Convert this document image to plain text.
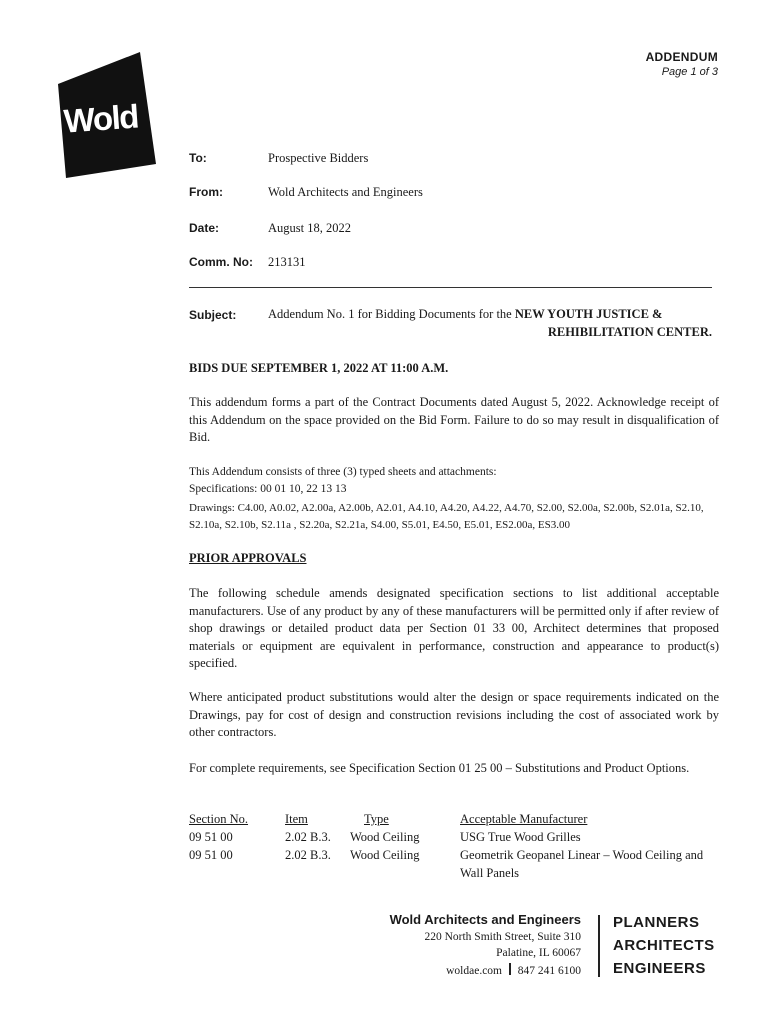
ADDENDUM
Page 1 of 3
Wold
To:	Prospective Bidders
From:	Wold Architects and Engineers
Date:	August 18, 2022
Comm. No: 213131
Subject:	Addendum No. 1 for Bidding Documents for the NEW YOUTH JUSTICE &
REHIBILITATION CENTER.
BIDS DUE SEPTEMBER 1, 2022 AT 11:00 A.M.
This addendum forms a part of the Contract Documents dated August 5, 2022. Acknowledge receipt of this Addendum on the space provided on the Bid Form. Failure to do so may result in disqualification of Bid.
This Addendum consists of three (3) typed sheets and attachments:
Specifications: 00 01 10, 22 13 13
Drawings: C4.00, A0.02, A2.00a, A2.00b, A2.01, A4.10, A4.20, A4.22, A4.70, S2.00, S2.00a, S2.00b, S2.01a, S2.10, S2.10a, S2.10b, S2.11a , S2.20a, S2.21a, S4.00, S5.01, E4.50, E5.01, ES2.00a, ES3.00
PRIOR APPROVALS
The following schedule amends designated specification sections to list additional acceptable manufacturers. Use of any product by any of these manufacturers will be permitted only if after review of shop drawings or detailed product data per Section 01 33 00, Architect determines that proposed materials or equipment are equivalent in performance, construction and appearance to product(s) specified.
Where anticipated product substitutions would alter the design or space requirements indicated on the Drawings, pay for cost of design and construction revisions including the cost of associated work by other contractors.
For complete requirements, see Specification Section 01 25 00 – Substitutions and Product Options.
Section No.	Item	Type	Acceptable Manufacturer
09 51 00	2.02 B.3.	Wood Ceiling	USG True Wood Grilles
09 51 00	2.02 B.3.	Wood Ceiling	Geometrik Geopanel Linear – Wood Ceiling and Wall Panels
Wold Architects and Engineers
220 North Smith Street, Suite 310
Palatine, IL 60067
woldae.com 847 241 6100
PLANNERS
ARCHITECTS
ENGINEERS
